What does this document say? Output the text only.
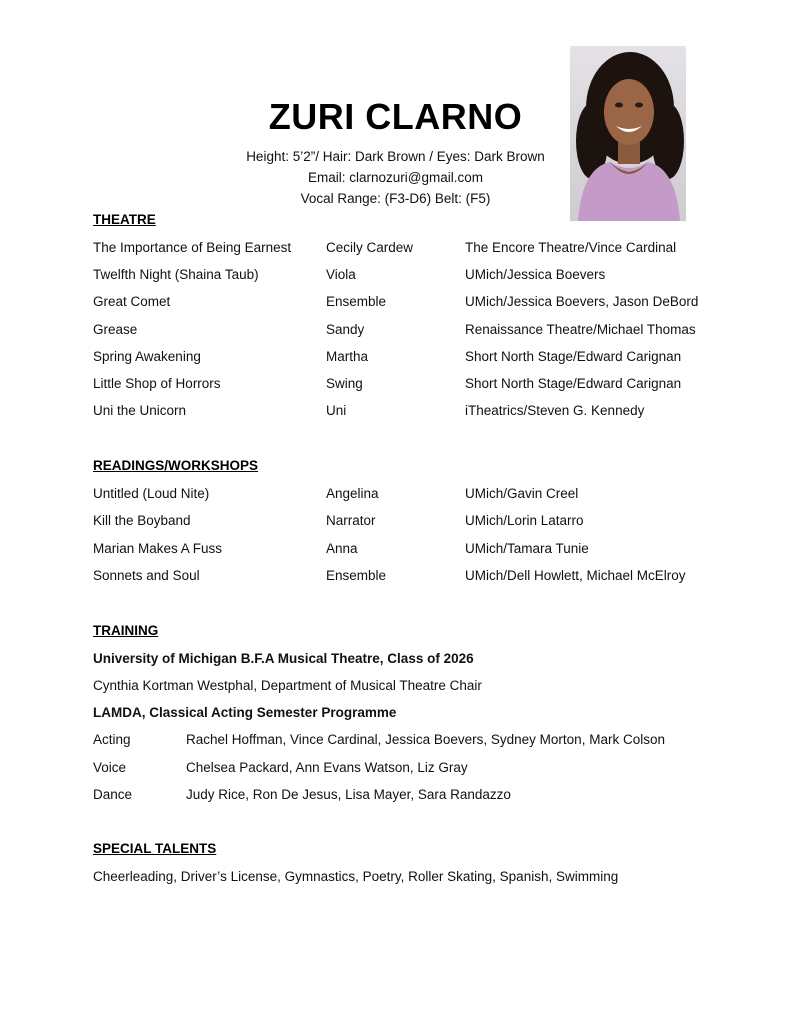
ZURI CLARNO
Height: 5’2”/ Hair: Dark Brown / Eyes: Dark Brown
Email: clarnozuri@gmail.com
Vocal Range: (F3-D6) Belt: (F5)
THEATRE
The Importance of Being Earnest	Cecily Cardew	The Encore Theatre/Vince Cardinal
Twelfth Night (Shaina Taub)	Viola	UMich/Jessica Boevers
Great Comet	Ensemble	UMich/Jessica Boevers, Jason DeBord
Grease	Sandy	Renaissance Theatre/Michael Thomas
Spring Awakening	Martha	Short North Stage/Edward Carignan
Little Shop of Horrors	Swing	Short North Stage/Edward Carignan
Uni the Unicorn	Uni	iTheatrics/Steven G. Kennedy
READINGS/WORKSHOPS
Untitled (Loud Nite)	Angelina	UMich/Gavin Creel
Kill the Boyband	Narrator	UMich/Lorin Latarro
Marian Makes A Fuss	Anna	UMich/Tamara Tunie
Sonnets and Soul	Ensemble	UMich/Dell Howlett, Michael McElroy
TRAINING
University of Michigan B.F.A Musical Theatre, Class of 2026
Cynthia Kortman Westphal, Department of Musical Theatre Chair
LAMDA, Classical Acting Semester Programme
Acting	Rachel Hoffman, Vince Cardinal, Jessica Boevers, Sydney Morton, Mark Colson
Voice	Chelsea Packard, Ann Evans Watson, Liz Gray
Dance	Judy Rice, Ron De Jesus, Lisa Mayer, Sara Randazzo
SPECIAL TALENTS
Cheerleading, Driver’s License, Gymnastics, Poetry, Roller Skating, Spanish, Swimming
